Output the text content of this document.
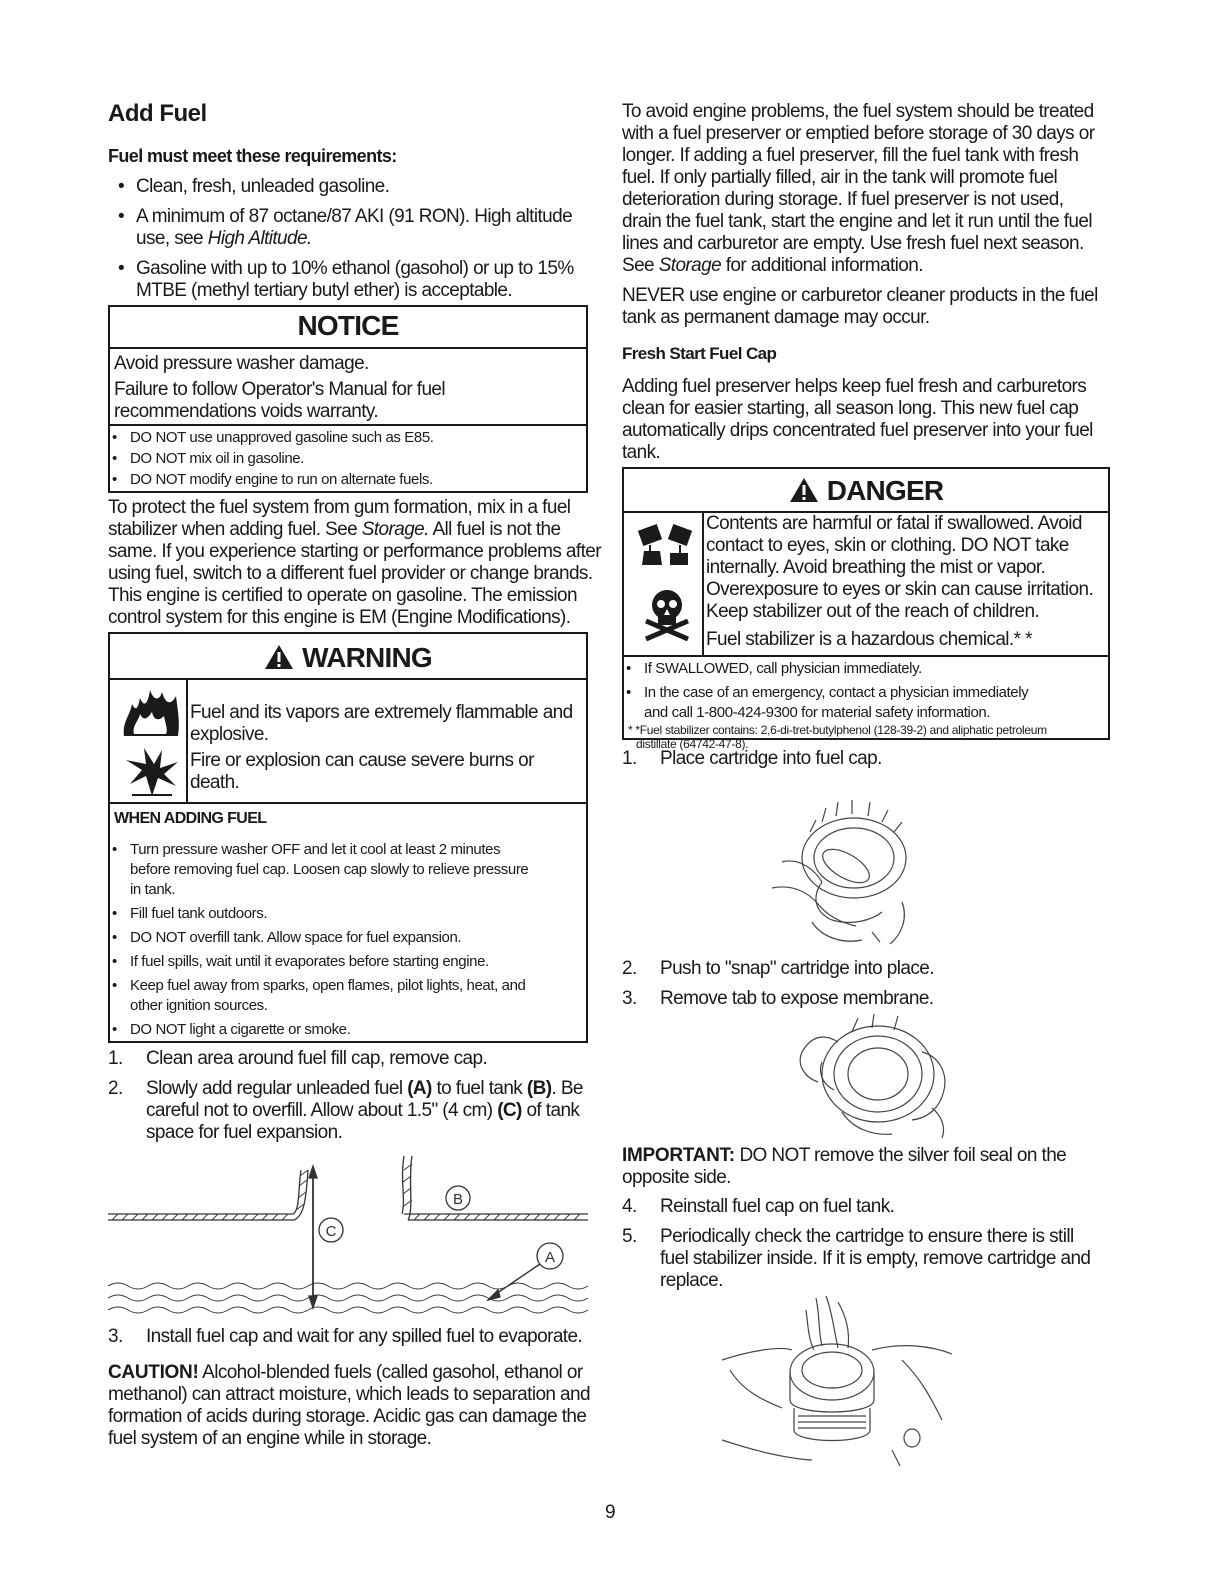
Add Fuel
Fuel must meet these requirements:
Clean, fresh, unleaded gasoline.
A minimum of 87 octane/87 AKI (91 RON). High altitude
use, see High Altitude.
Gasoline with up to 10% ethanol (gasohol) or up to 15%
MTBE (methyl tertiary butyl ether) is acceptable.
NOTICE
Avoid pressure washer damage.
Failure to follow Operator's Manual for fuel
recommendations voids warranty.
DO NOT use unapproved gasoline such as E85.
DO NOT mix oil in gasoline.
DO NOT modify engine to run on alternate fuels.
To protect the fuel system from gum formation, mix in a fuel
stabilizer when adding fuel. See Storage. All fuel is not the
same. If you experience starting or performance problems after
using fuel, switch to a different fuel provider or change brands.
This engine is certified to operate on gasoline. The emission
control system for this engine is EM (Engine Modifications).
WARNING
Fuel and its vapors are extremely flammable and
explosive.
Fire or explosion can cause severe burns or
death.
WHEN ADDING FUEL
Turn pressure washer OFF and let it cool at least 2 minutes
before removing fuel cap. Loosen cap slowly to relieve pressure
in tank.
Fill fuel tank outdoors.
DO NOT overfill tank. Allow space for fuel expansion.
If fuel spills, wait until it evaporates before starting engine.
Keep fuel away from sparks, open flames, pilot lights, heat, and
other ignition sources.
DO NOT light a cigarette or smoke.
1. Clean area around fuel fill cap, remove cap.
2. Slowly add regular unleaded fuel (A) to fuel tank (B). Be
careful not to overfill. Allow about 1.5" (4 cm) (C) of tank
space for fuel expansion.
C
B
A
3. Install fuel cap and wait for any spilled fuel to evaporate.
CAUTION! Alcohol-blended fuels (called gasohol, ethanol or
methanol) can attract moisture, which leads to separation and
formation of acids during storage. Acidic gas can damage the
fuel system of an engine while in storage.
To avoid engine problems, the fuel system should be treated
with a fuel preserver or emptied before storage of 30 days or
longer. If adding a fuel preserver, fill the fuel tank with fresh
fuel. If only partially filled, air in the tank will promote fuel
deterioration during storage. If fuel preserver is not used,
drain the fuel tank, start the engine and let it run until the fuel
lines and carburetor are empty. Use fresh fuel next season.
See Storage for additional information.
NEVER use engine or carburetor cleaner products in the fuel
tank as permanent damage may occur.
Fresh Start Fuel Cap
Adding fuel preserver helps keep fuel fresh and carburetors
clean for easier starting, all season long. This new fuel cap
automatically drips concentrated fuel preserver into your fuel
tank.
DANGER
Contents are harmful or fatal if swallowed. Avoid
contact to eyes, skin or clothing. DO NOT take
internally. Avoid breathing the mist or vapor.
Overexposure to eyes or skin can cause irritation.
Keep stabilizer out of the reach of children.
Fuel stabilizer is a hazardous chemical.* *
If SWALLOWED, call physician immediately.
In the case of an emergency, contact a physician immediately
and call 1-800-424-9300 for material safety information.
* *Fuel stabilizer contains: 2,6-di-tret-butylphenol (128-39-2) and aliphatic petroleum
distillate (64742-47-8).
1. Place cartridge into fuel cap.
2. Push to "snap" cartridge into place.
3. Remove tab to expose membrane.
IMPORTANT: DO NOT remove the silver foil seal on the
opposite side.
4. Reinstall fuel cap on fuel tank.
5. Periodically check the cartridge to ensure there is still
fuel stabilizer inside. If it is empty, remove cartridge and
replace.
9
